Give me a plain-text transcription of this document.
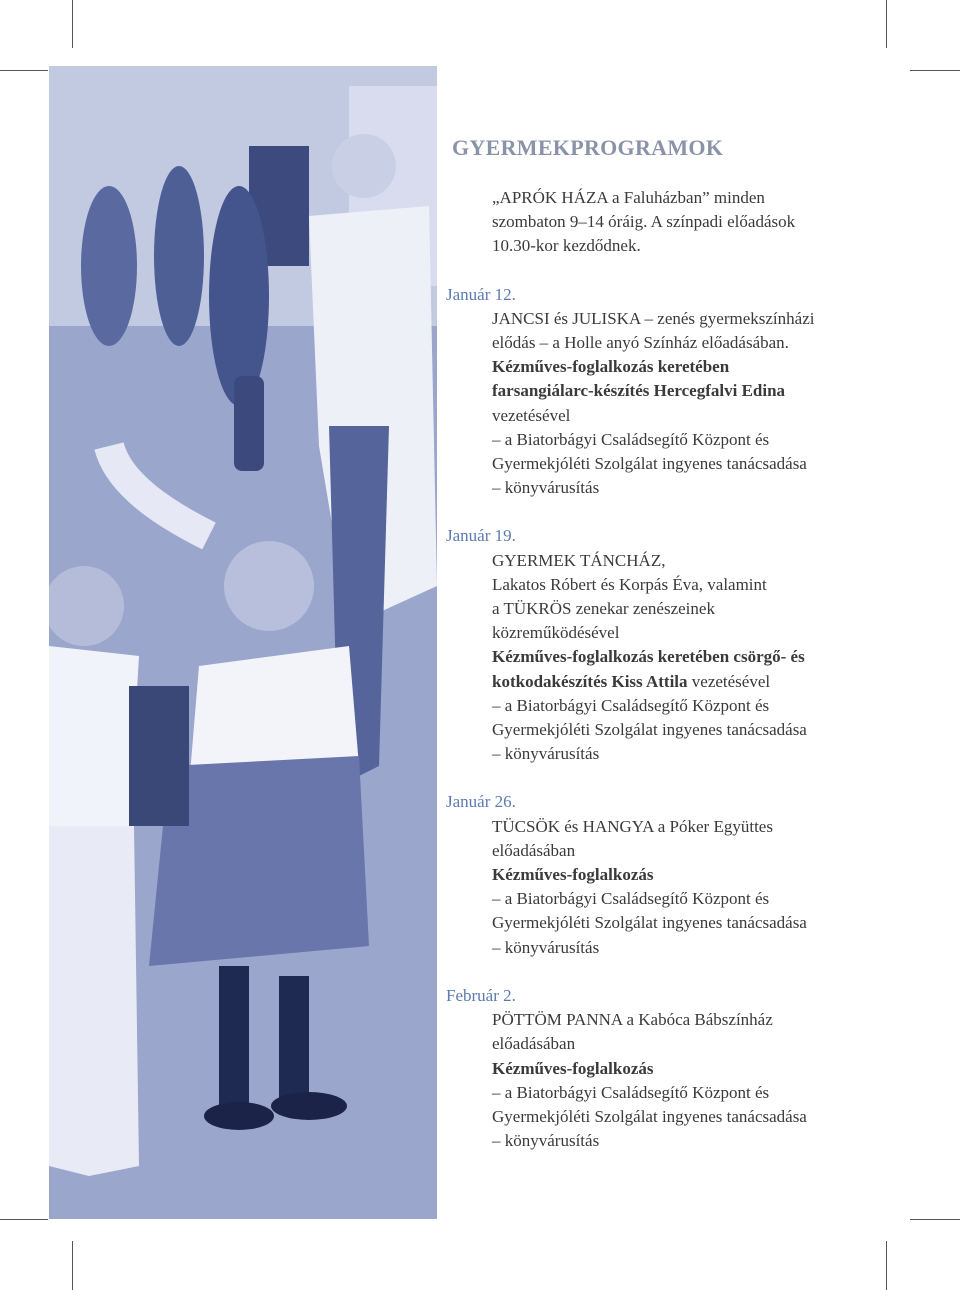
GYERMEKPROGRAMOK
„APRÓK HÁZA a Faluházban” minden
szombaton 9–14 óráig. A színpadi előadások
10.30-kor kezdődnek.
Január 12.
JANCSI és JULISKA – zenés gyermekszínházi
elődás – a Holle anyó Színház előadásában.
Kézműves-foglalkozás keretében
farsangiálarc-készítés Hercegfalvi Edina
vezetésével
– a Biatorbágyi Családsegítő Központ és
Gyermekjóléti Szolgálat ingyenes tanácsadása
– könyvárusítás
Január 19.
GYERMEK TÁNCHÁZ,
Lakatos Róbert és Korpás Éva, valamint
a TÜKRÖS zenekar zenészeinek
közreműködésével
Kézműves-foglalkozás keretében csörgő- és
kotkodakészítés Kiss Attila vezetésével
– a Biatorbágyi Családsegítő Központ és
Gyermekjóléti Szolgálat ingyenes tanácsadása
– könyvárusítás
Január 26.
TÜCSÖK és HANGYA a Póker Együttes
előadásában
Kézműves-foglalkozás
– a Biatorbágyi Családsegítő Központ és
Gyermekjóléti Szolgálat ingyenes tanácsadása
– könyvárusítás
Február 2.
PÖTTÖM PANNA a Kabóca Bábszínház
előadásában
Kézműves-foglalkozás
– a Biatorbágyi Családsegítő Központ és
Gyermekjóléti Szolgálat ingyenes tanácsadása
– könyvárusítás
